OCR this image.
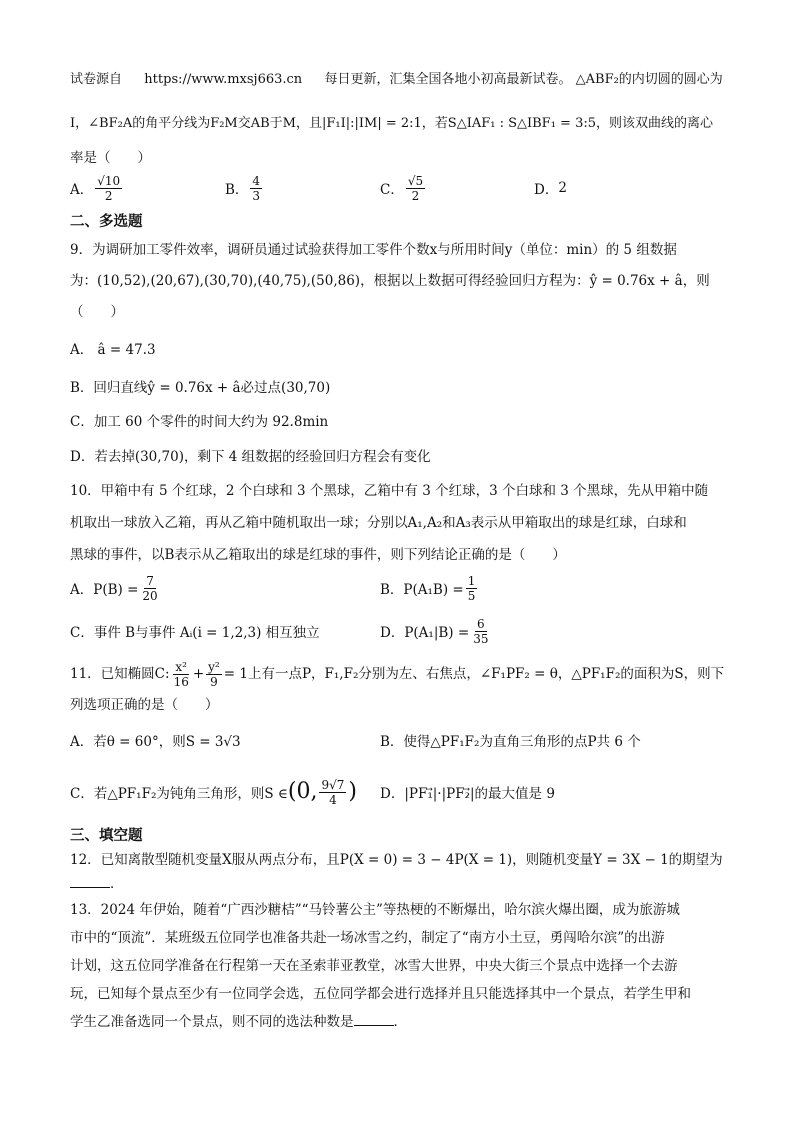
试卷源自 https://www.mxsj663.cn 每日更新，汇集全国各地小初高最新试卷。 △ABF₂的内切圆的圆心为
I，∠BF₂A的角平分线为F₂M交AB于M，且|F₁I|:|IM| = 2:1，若S△IAF₁ : S△IBF₁ = 3:5，则该双曲线的离心
率是（　　）
A． $\frac{√10}{2}$	B． $\frac{4}{3}$	C． $\frac{√5}{2}$	D． 2
二、多选题
9．为调研加工零件效率，调研员通过试验获得加工零件个数x与所用时间y（单位：min）的 5 组数据
为：(10,52),(20,67),(30,70),(40,75),(50,86)，根据以上数据可得经验回归方程为：ŷ = 0.76x + â，则
（　　）
A． â = 47.3
B．回归直线ŷ = 0.76x + â必过点(30,70)
C．加工 60 个零件的时间大约为 92.8min
D．若去掉(30,70)，剩下 4 组数据的经验回归方程会有变化
10．甲箱中有 5 个红球，2 个白球和 3 个黑球，乙箱中有 3 个红球，3 个白球和 3 个黑球，先从甲箱中随
机取出一球放入乙箱，再从乙箱中随机取出一球；分别以A₁,A₂和A₃表示从甲箱取出的球是红球，白球和
黑球的事件，以B表示从乙箱取出的球是红球的事件，则下列结论正确的是（　　）
A．$P(B) = \frac{7}{20}$	B．$P(A_1B) = \frac{1}{5}$
C．事件 B与事件 Aᵢ(i = 1,2,3) 相互独立	D．$P(A_1|B) = \frac{6}{35}$
11．已知椭圆C: $\frac{\text{x²}}{16} + \frac{\text{y²}}{9} = 1$上有一点P，F₁,F₂分别为左、右焦点，∠F₁PF₂ = θ，△PF₁F₂的面积为S，则下
列选项正确的是（　　）
A．若θ = 60°，则S = 3√3	B．使得△PF₁F₂为直角三角形的点P共 6 个
C．若△PF₁F₂为钝角三角形，则S ∈ (0, $\frac{9√7}{4}$ ) D．|PF₁⃗|·|PF₂⃗|的最大值是 9
三、填空题
12．已知离散型随机变量X服从两点分布，且P(X = 0) = 3 − 4P(X = 1)，则随机变量Y = 3X − 1的期望为
．
13．2024 年伊始，随着“广西沙糖桔”“马铃薯公主”等热梗的不断爆出，哈尔滨火爆出圈，成为旅游城
市中的“顶流”．某班级五位同学也准备共赴一场冰雪之约，制定了“南方小土豆，勇闯哈尔滨”的出游
计划，这五位同学准备在行程第一天在圣索菲亚教堂，冰雪大世界，中央大街三个景点中选择一个去游
玩，已知每个景点至少有一位同学会选，五位同学都会进行选择并且只能选择其中一个景点，若学生甲和
学生乙准备选同一个景点，则不同的选法种数是	．
